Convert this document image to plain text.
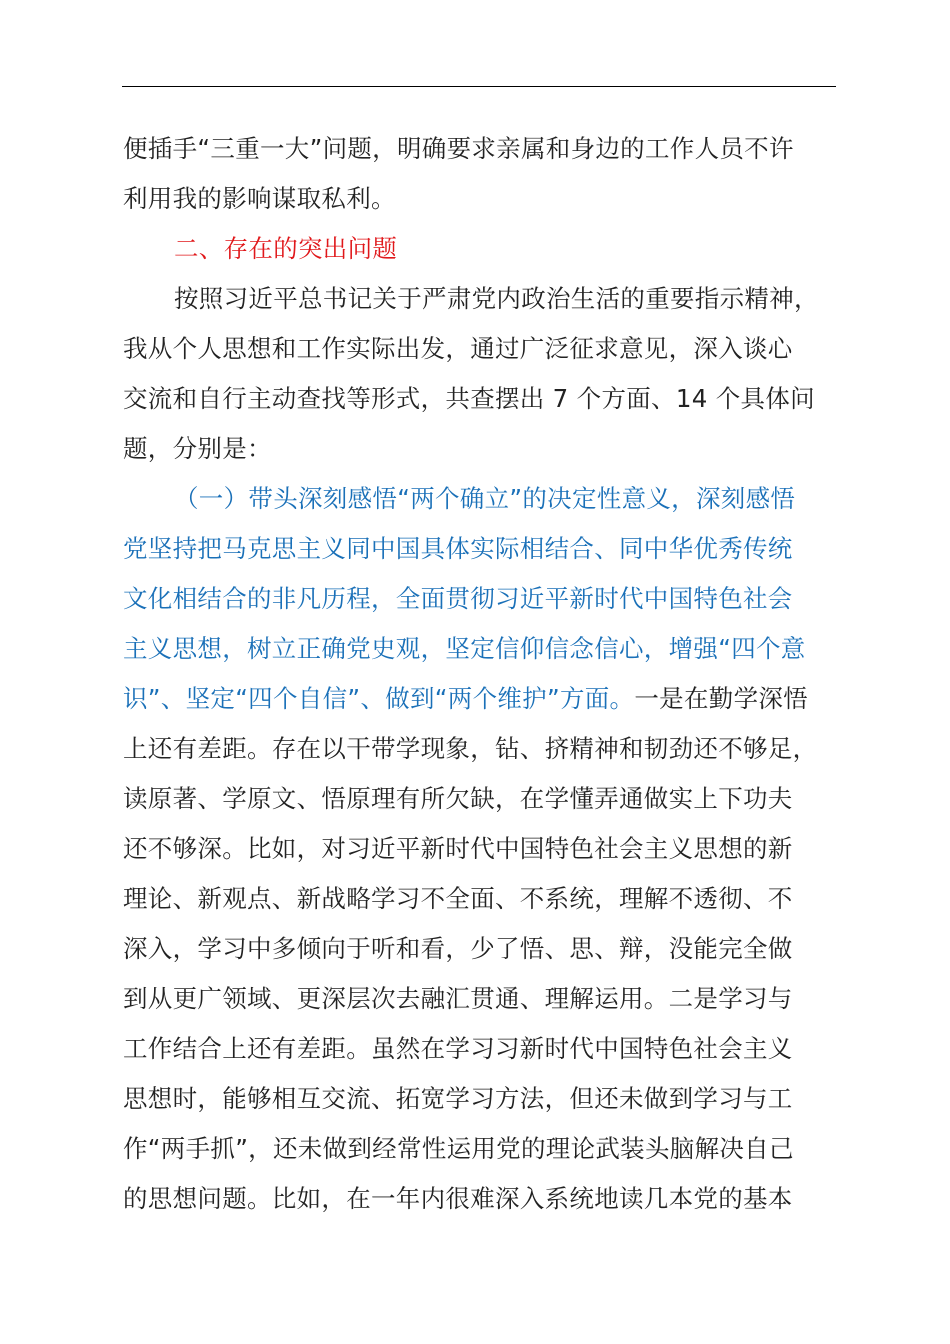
便插手“三重一大”问题，明确要求亲属和身边的工作人员不许
利用我的影响谋取私利。
二、存在的突出问题
按照习近平总书记关于严肃党内政治生活的重要指示精神，
我从个人思想和工作实际出发，通过广泛征求意见，深入谈心
交流和自行主动查找等形式，共查摆出 7 个方面、14 个具体问
题，分别是：
（一）带头深刻感悟“两个确立”的决定性意义，深刻感悟
党坚持把马克思主义同中国具体实际相结合、同中华优秀传统
文化相结合的非凡历程，全面贯彻习近平新时代中国特色社会
主义思想，树立正确党史观，坚定信仰信念信心，增强“四个意
识”、坚定“四个自信”、做到“两个维护”方面。一是在勤学深悟
上还有差距。存在以干带学现象，钻、挤精神和韧劲还不够足，
读原著、学原文、悟原理有所欠缺，在学懂弄通做实上下功夫
还不够深。比如，对习近平新时代中国特色社会主义思想的新
理论、新观点、新战略学习不全面、不系统，理解不透彻、不
深入，学习中多倾向于听和看，少了悟、思、辩，没能完全做
到从更广领域、更深层次去融汇贯通、理解运用。二是学习与
工作结合上还有差距。虽然在学习习新时代中国特色社会主义
思想时，能够相互交流、拓宽学习方法，但还未做到学习与工
作“两手抓”，还未做到经常性运用党的理论武装头脑解决自己
的思想问题。比如，在一年内很难深入系统地读几本党的基本
